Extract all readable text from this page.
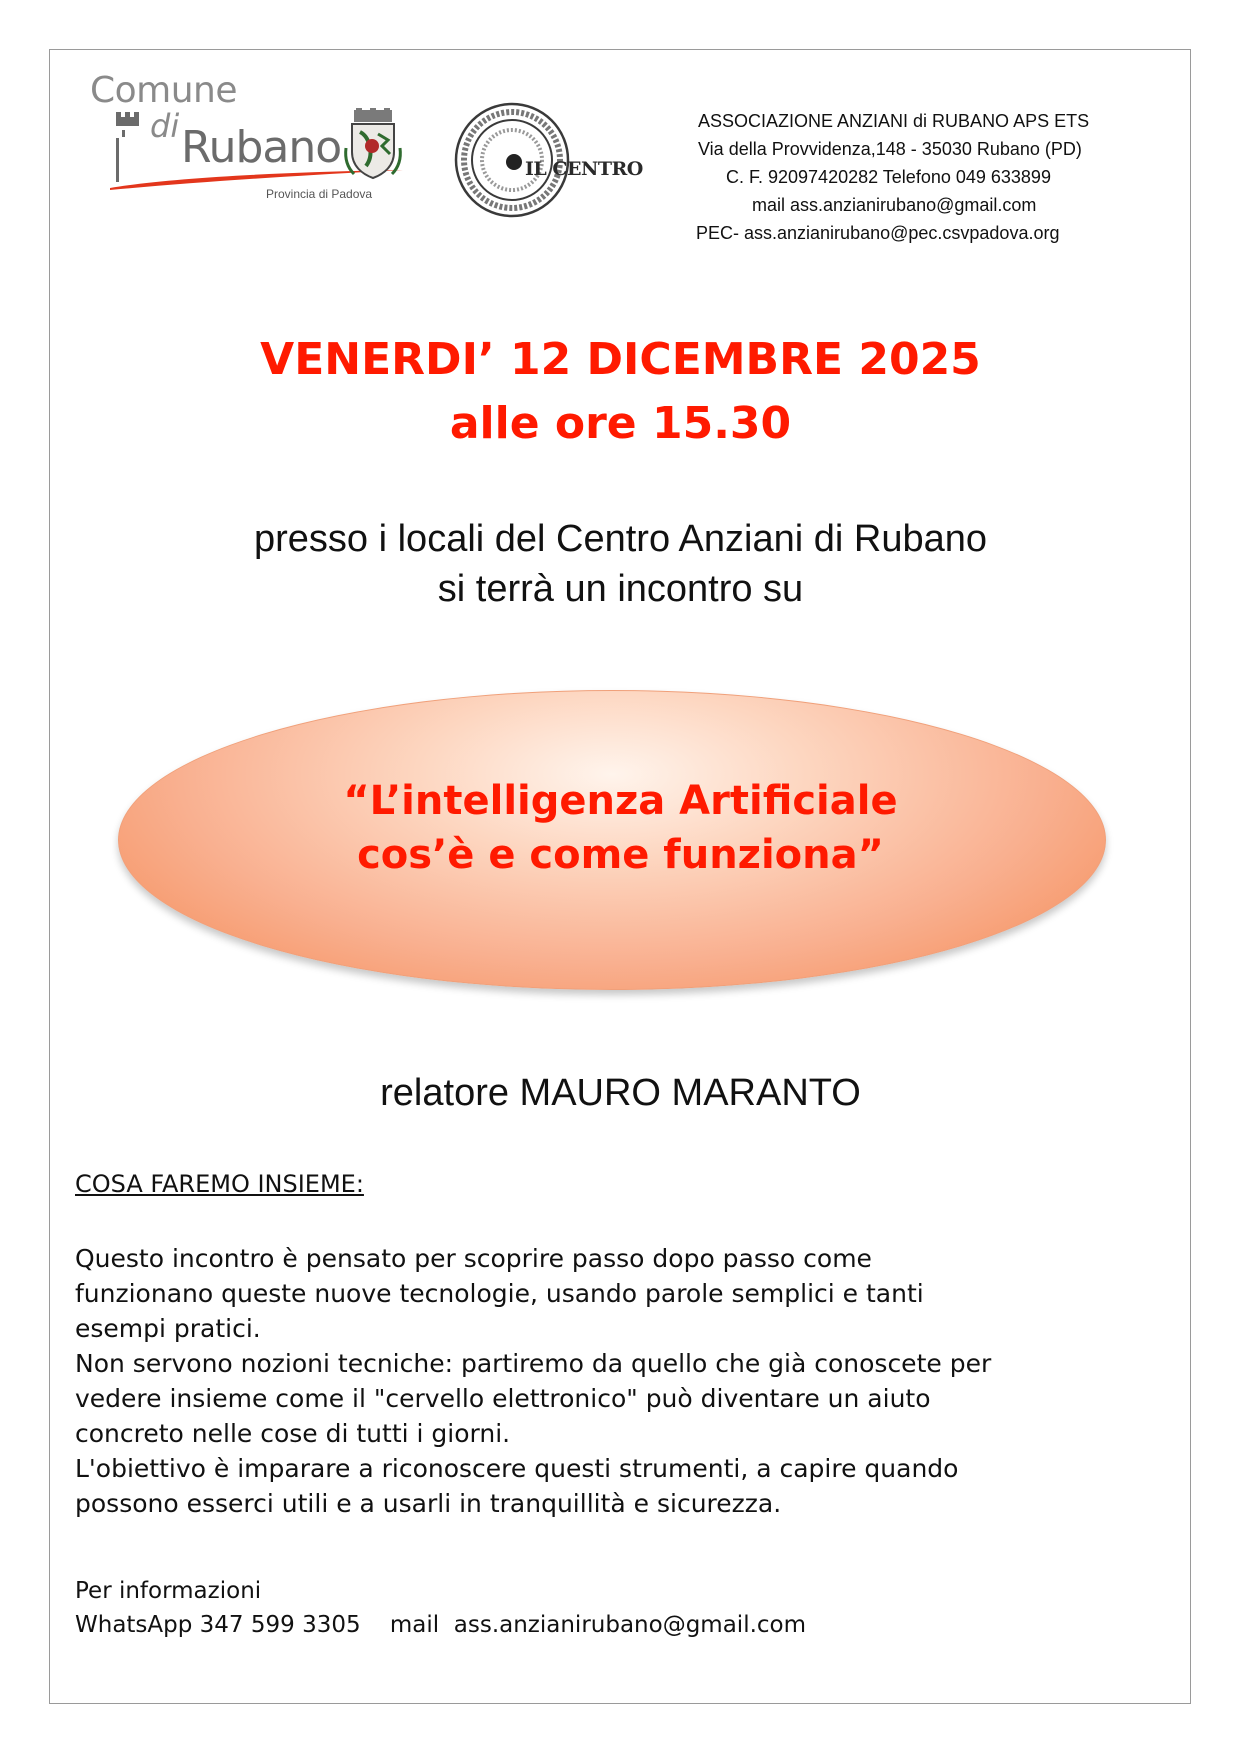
Comune
di Rubano
Provincia di Padova
IL CENTRO
ASSOCIAZIONE ANZIANI di RUBANO APS ETS
Via della Provvidenza,148 - 35030 Rubano (PD)
C. F. 92097420282 Telefono 049 633899
mail ass.anzianirubano@gmail.com
PEC- ass.anzianirubano@pec.csvpadova.org
VENERDI’ 12 DICEMBRE 2025
alle ore 15.30
presso i locali del Centro Anziani di Rubano
si terrà un incontro su
“L’intelligenza Artificiale
cos’è e come funziona”
relatore MAURO MARANTO
COSA FAREMO INSIEME:
Questo incontro è pensato per scoprire passo dopo passo come
funzionano queste nuove tecnologie, usando parole semplici e tanti
esempi pratici.
Non servono nozioni tecniche: partiremo da quello che già conoscete per
vedere insieme come il "cervello elettronico" può diventare un aiuto
concreto nelle cose di tutti i giorni.
L'obiettivo è imparare a riconoscere questi strumenti, a capire quando
possono esserci utili e a usarli in tranquillità e sicurezza.
Per informazioni
WhatsApp 347 599 3305    mail  ass.anzianirubano@gmail.com
